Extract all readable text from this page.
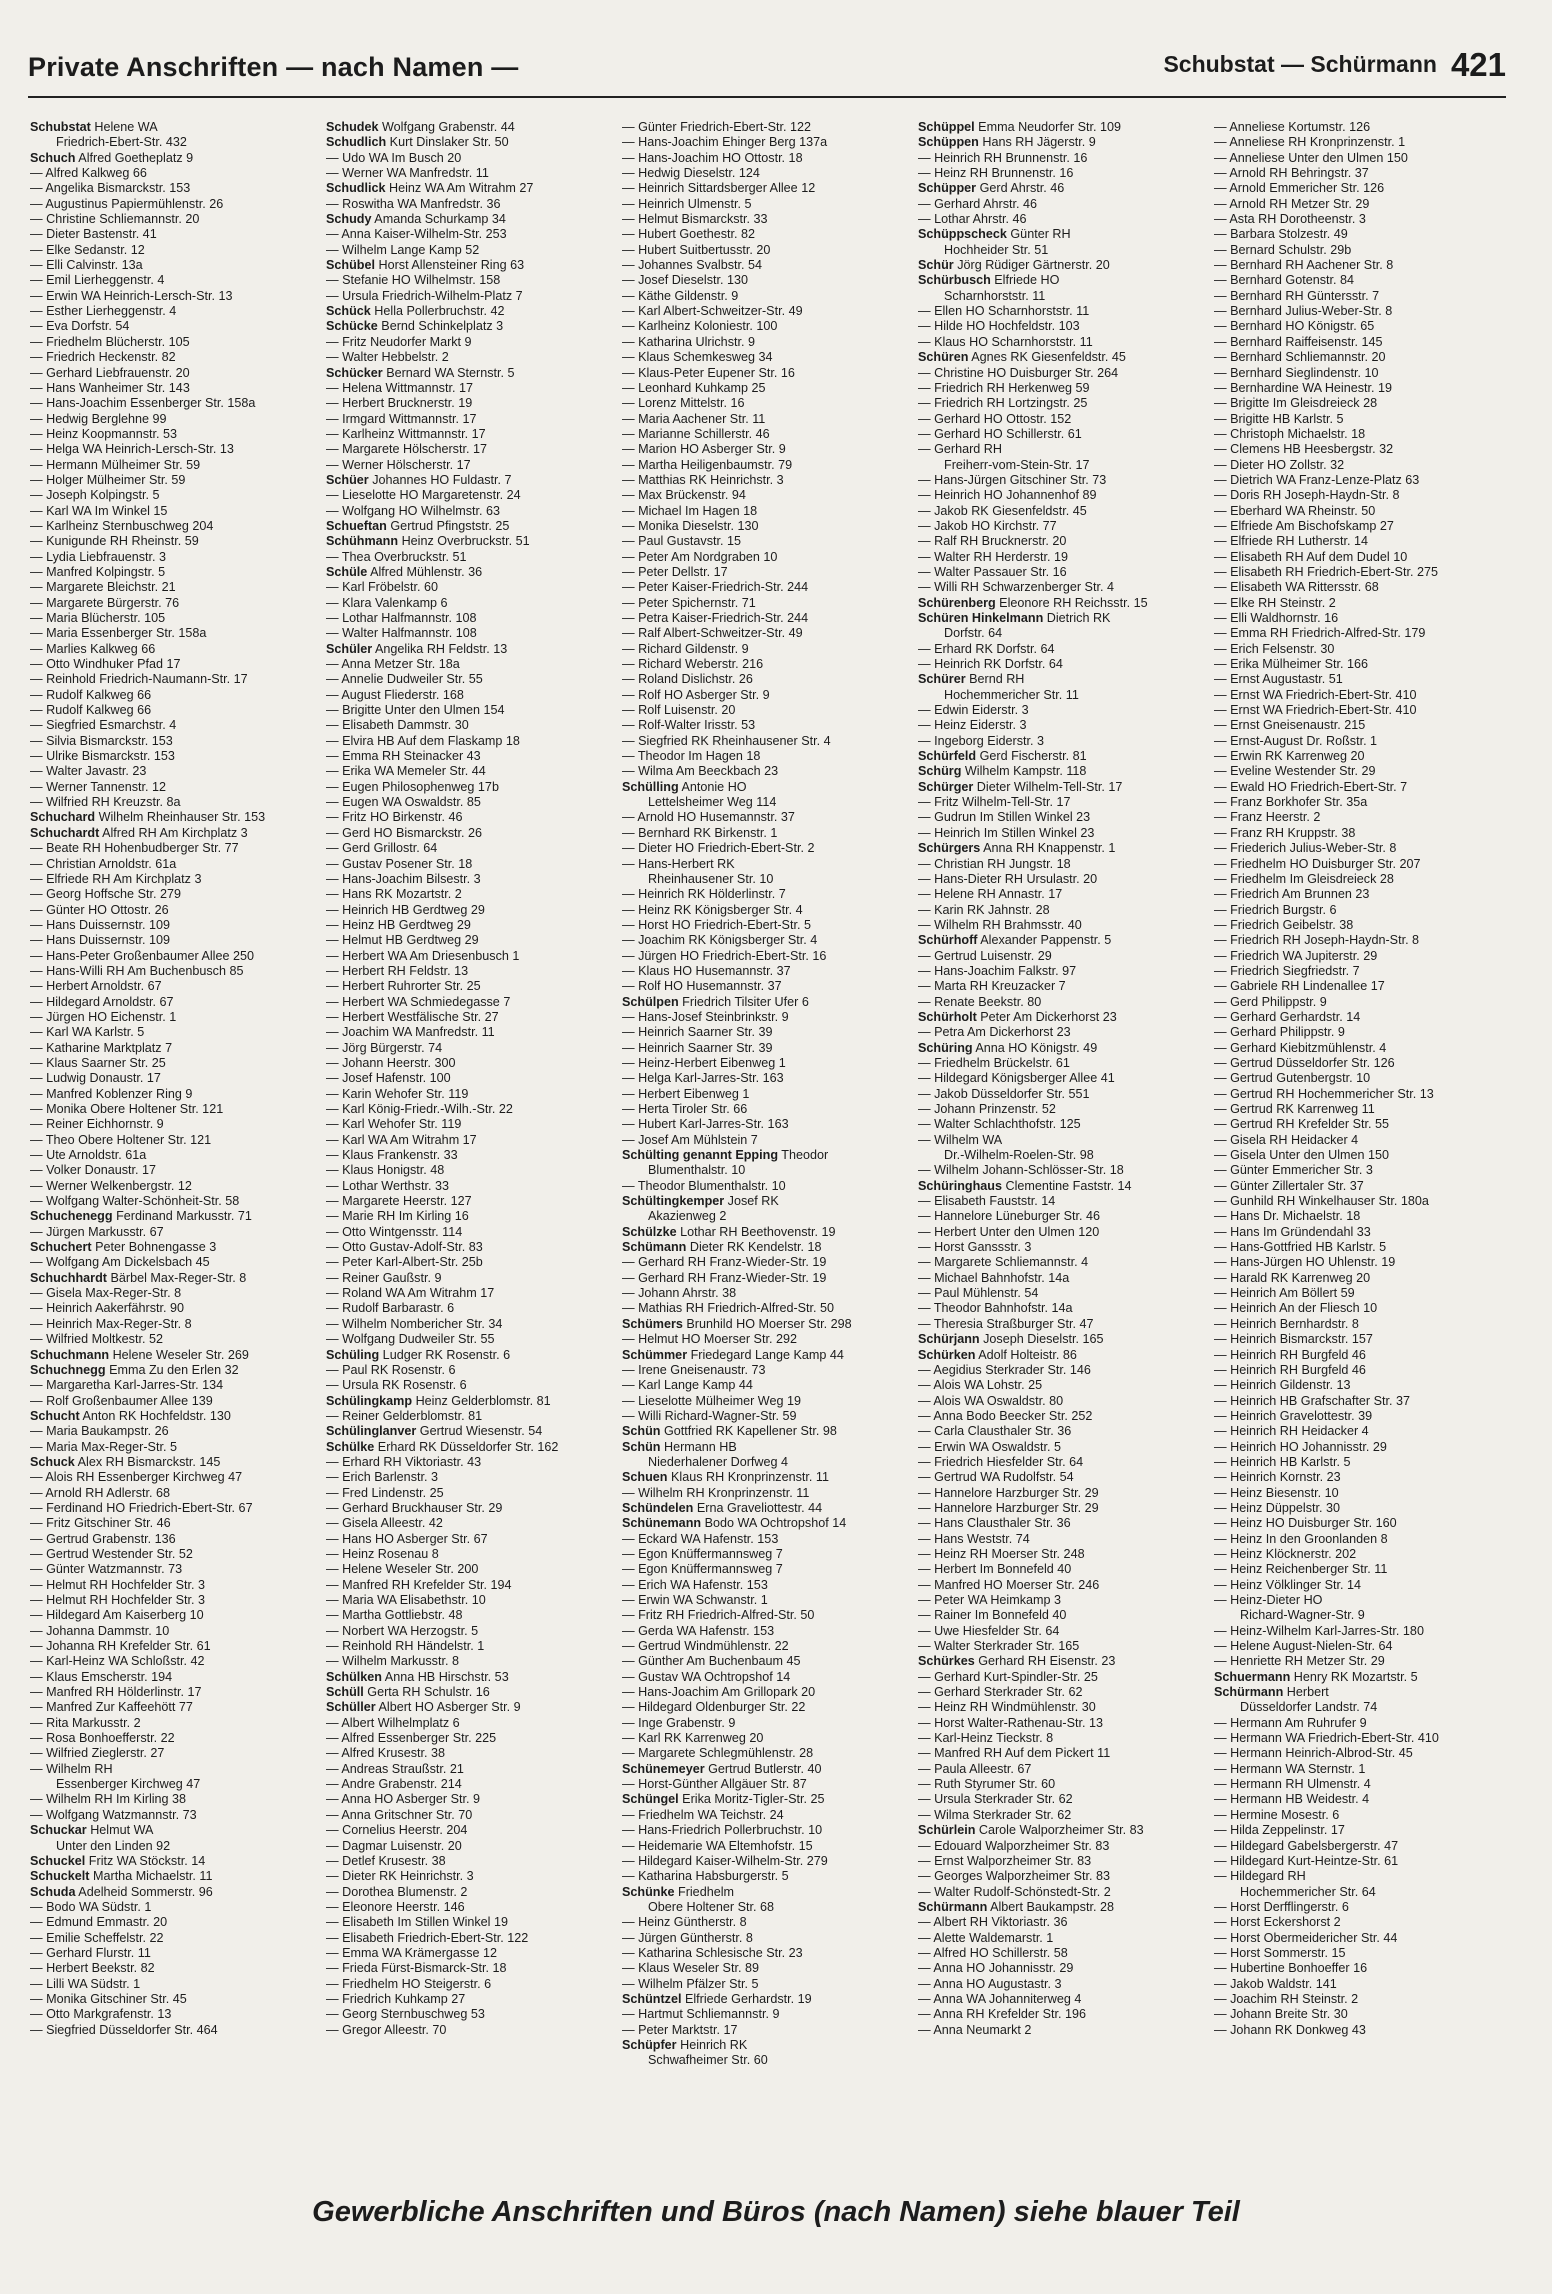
Private Anschriften — nach Namen —	Schubstat — Schürmann 421
Schubstat Helene WA
Friedrich-Ebert-Str. 432
Schuch Alfred Goetheplatz 9
— Alfred Kalkweg 66
— Angelika Bismarckstr. 153
— Augustinus Papiermühlenstr. 26
— Christine Schliemannstr. 20
— Dieter Bastenstr. 41
— Elke Sedanstr. 12
— Elli Calvinstr. 13a
— Emil Lierheggenstr. 4
— Erwin WA Heinrich-Lersch-Str. 13
— Esther Lierheggenstr. 4
— Eva Dorfstr. 54
— Friedhelm Blücherstr. 105
— Friedrich Heckenstr. 82
— Gerhard Liebfrauenstr. 20
— Hans Wanheimer Str. 143
— Hans-Joachim Essenberger Str. 158a
— Hedwig Berglehne 99
— Heinz Koopmannstr. 53
— Helga WA Heinrich-Lersch-Str. 13
— Hermann Mülheimer Str. 59
— Holger Mülheimer Str. 59
— Joseph Kolpingstr. 5
— Karl WA Im Winkel 15
— Karlheinz Sternbuschweg 204
— Kunigunde RH Rheinstr. 59
— Lydia Liebfrauenstr. 3
— Manfred Kolpingstr. 5
— Margarete Bleichstr. 21
— Margarete Bürgerstr. 76
— Maria Blücherstr. 105
— Maria Essenberger Str. 158a
— Marlies Kalkweg 66
— Otto Windhuker Pfad 17
— Reinhold Friedrich-Naumann-Str. 17
— Rudolf Kalkweg 66
— Rudolf Kalkweg 66
— Siegfried Esmarchstr. 4
— Silvia Bismarckstr. 153
— Ulrike Bismarckstr. 153
— Walter Javastr. 23
— Werner Tannenstr. 12
— Wilfried RH Kreuzstr. 8a
Schuchard Wilhelm Rheinhauser Str. 153
Schuchardt Alfred RH Am Kirchplatz 3
— Beate RH Hohenbudberger Str. 77
— Christian Arnoldstr. 61a
— Elfriede RH Am Kirchplatz 3
— Georg Hoffsche Str. 279
— Günter HO Ottostr. 26
— Hans Duissernstr. 109
— Hans Duissernstr. 109
— Hans-Peter Großenbaumer Allee 250
— Hans-Willi RH Am Buchenbusch 85
— Herbert Arnoldstr. 67
— Hildegard Arnoldstr. 67
— Jürgen HO Eichenstr. 1
— Karl WA Karlstr. 5
— Katharine Marktplatz 7
— Klaus Saarner Str. 25
— Ludwig Donaustr. 17
— Manfred Koblenzer Ring 9
— Monika Obere Holtener Str. 121
— Reiner Eichhornstr. 9
— Theo Obere Holtener Str. 121
— Ute Arnoldstr. 61a
— Volker Donaustr. 17
— Werner Welkenbergstr. 12
— Wolfgang Walter-Schönheit-Str. 58
Schuchenegg Ferdinand Markusstr. 71
— Jürgen Markusstr. 67
Schuchert Peter Bohnengasse 3
— Wolfgang Am Dickelsbach 45
Schuchhardt Bärbel Max-Reger-Str. 8
— Gisela Max-Reger-Str. 8
— Heinrich Aakerfährstr. 90
— Heinrich Max-Reger-Str. 8
— Wilfried Moltkestr. 52
Schuchmann Helene Weseler Str. 269
Schuchnegg Emma Zu den Erlen 32
— Margaretha Karl-Jarres-Str. 134
— Rolf Großenbaumer Allee 139
Schucht Anton RK Hochfeldstr. 130
— Maria Baukampstr. 26
— Maria Max-Reger-Str. 5
Schuck Alex RH Bismarckstr. 145
— Alois RH Essenberger Kirchweg 47
— Arnold RH Adlerstr. 68
— Ferdinand HO Friedrich-Ebert-Str. 67
— Fritz Gitschiner Str. 46
— Gertrud Grabenstr. 136
— Gertrud Westender Str. 52
— Günter Watzmannstr. 73
— Helmut RH Hochfelder Str. 3
— Helmut RH Hochfelder Str. 3
— Hildegard Am Kaiserberg 10
— Johanna Dammstr. 10
— Johanna RH Krefelder Str. 61
— Karl-Heinz WA Schloßstr. 42
— Klaus Emscherstr. 194
— Manfred RH Hölderlinstr. 17
— Manfred Zur Kaffeehött 77
— Rita Markusstr. 2
— Rosa Bonhoefferstr. 22
— Wilfried Zieglerstr. 27
— Wilhelm RH
Essenberger Kirchweg 47
— Wilhelm RH Im Kirling 38
— Wolfgang Watzmannstr. 73
Schuckar Helmut WA
Unter den Linden 92
Schuckel Fritz WA Stöckstr. 14
Schuckelt Martha Michaelstr. 11
Schuda Adelheid Sommerstr. 96
— Bodo WA Südstr. 1
— Edmund Emmastr. 20
— Emilie Scheffelstr. 22
— Gerhard Flurstr. 11
— Herbert Beekstr. 82
— Lilli WA Südstr. 1
— Monika Gitschiner Str. 45
— Otto Markgrafenstr. 13
— Siegfried Düsseldorfer Str. 464
Schudek Wolfgang Grabenstr. 44
Schudlich Kurt Dinslaker Str. 50
— Udo WA Im Busch 20
— Werner WA Manfredstr. 11
Schudlick Heinz WA Am Witrahm 27
— Roswitha WA Manfredstr. 36
Schudy Amanda Schurkamp 34
— Anna Kaiser-Wilhelm-Str. 253
— Wilhelm Lange Kamp 52
Schübel Horst Allensteiner Ring 63
— Stefanie HO Wilhelmstr. 158
— Ursula Friedrich-Wilhelm-Platz 7
Schück Hella Pollerbruchstr. 42
Schücke Bernd Schinkelplatz 3
— Fritz Neudorfer Markt 9
— Walter Hebbelstr. 2
Schücker Bernard WA Sternstr. 5
— Helena Wittmannstr. 17
— Herbert Brucknerstr. 19
— Irmgard Wittmannstr. 17
— Karlheinz Wittmannstr. 17
— Margarete Hölscherstr. 17
— Werner Hölscherstr. 17
Schüer Johannes HO Fuldastr. 7
— Lieselotte HO Margaretenstr. 24
— Wolfgang HO Wilhelmstr. 63
Schueftan Gertrud Pfingststr. 25
Schühmann Heinz Overbruckstr. 51
— Thea Overbruckstr. 51
Schüle Alfred Mühlenstr. 36
— Karl Fröbelstr. 60
— Klara Valenkamp 6
— Lothar Halfmannstr. 108
— Walter Halfmannstr. 108
Schüler Angelika RH Feldstr. 13
— Anna Metzer Str. 18a
— Annelie Dudweiler Str. 55
— August Fliederstr. 168
— Brigitte Unter den Ulmen 154
— Elisabeth Dammstr. 30
— Elvira HB Auf dem Flaskamp 18
— Emma RH Steinacker 43
— Erika WA Memeler Str. 44
— Eugen Philosophenweg 17b
— Eugen WA Oswaldstr. 85
— Fritz HO Birkenstr. 46
— Gerd HO Bismarckstr. 26
— Gerd Grillostr. 64
— Gustav Posener Str. 18
— Hans-Joachim Bilsestr. 3
— Hans RK Mozartstr. 2
— Heinrich HB Gerdtweg 29
— Heinz HB Gerdtweg 29
— Helmut HB Gerdtweg 29
— Herbert WA Am Driesenbusch 1
— Herbert RH Feldstr. 13
— Herbert Ruhrorter Str. 25
— Herbert WA Schmiedegasse 7
— Herbert Westfälische Str. 27
— Joachim WA Manfredstr. 11
— Jörg Bürgerstr. 74
— Johann Heerstr. 300
— Josef Hafenstr. 100
— Karin Wehofer Str. 119
— Karl König-Friedr.-Wilh.-Str. 22
— Karl Wehofer Str. 119
— Karl WA Am Witrahm 17
— Klaus Frankenstr. 33
— Klaus Honigstr. 48
— Lothar Werthstr. 33
— Margarete Heerstr. 127
— Marie RH Im Kirling 16
— Otto Wintgensstr. 114
— Otto Gustav-Adolf-Str. 83
— Peter Karl-Albert-Str. 25b
— Reiner Gaußstr. 9
— Roland WA Am Witrahm 17
— Rudolf Barbarastr. 6
— Wilhelm Nombericher Str. 34
— Wolfgang Dudweiler Str. 55
Schüling Ludger RK Rosenstr. 6
— Paul RK Rosenstr. 6
— Ursula RK Rosenstr. 6
Schülingkamp Heinz Gelderblomstr. 81
— Reiner Gelderblomstr. 81
Schülinglanver Gertrud Wiesenstr. 54
Schülke Erhard RK Düsseldorfer Str. 162
— Erhard RH Viktoriastr. 43
— Erich Barlenstr. 3
— Fred Lindenstr. 25
— Gerhard Bruckhauser Str. 29
— Gisela Alleestr. 42
— Hans HO Asberger Str. 67
— Heinz Rosenau 8
— Helene Weseler Str. 200
— Manfred RH Krefelder Str. 194
— Maria WA Elisabethstr. 10
— Martha Gottliebstr. 48
— Norbert WA Herzogstr. 5
— Reinhold RH Händelstr. 1
— Wilhelm Markusstr. 8
Schülken Anna HB Hirschstr. 53
Schüll Gerta RH Schulstr. 16
Schüller Albert HO Asberger Str. 9
— Albert Wilhelmplatz 6
— Alfred Essenberger Str. 225
— Alfred Krusestr. 38
— Andreas Straußstr. 21
— Andre Grabenstr. 214
— Anna HO Asberger Str. 9
— Anna Gritschner Str. 70
— Cornelius Heerstr. 204
— Dagmar Luisenstr. 20
— Detlef Krusestr. 38
— Dieter RK Heinrichstr. 3
— Dorothea Blumenstr. 2
— Eleonore Heerstr. 146
— Elisabeth Im Stillen Winkel 19
— Elisabeth Friedrich-Ebert-Str. 122
— Emma WA Krämergasse 12
— Frieda Fürst-Bismarck-Str. 18
— Friedhelm HO Steigerstr. 6
— Friedrich Kuhkamp 27
— Georg Sternbuschweg 53
— Gregor Alleestr. 70
— Günter Friedrich-Ebert-Str. 122
— Hans-Joachim Ehinger Berg 137a
— Hans-Joachim HO Ottostr. 18
— Hedwig Dieselstr. 124
— Heinrich Sittardsberger Allee 12
— Heinrich Ulmenstr. 5
— Helmut Bismarckstr. 33
— Hubert Goethestr. 82
— Hubert Suitbertusstr. 20
— Johannes Svalbstr. 54
— Josef Dieselstr. 130
— Käthe Gildenstr. 9
— Karl Albert-Schweitzer-Str. 49
— Karlheinz Koloniestr. 100
— Katharina Ulrichstr. 9
— Klaus Schemkesweg 34
— Klaus-Peter Eupener Str. 16
— Leonhard Kuhkamp 25
— Lorenz Mittelstr. 16
— Maria Aachener Str. 11
— Marianne Schillerstr. 46
— Marion HO Asberger Str. 9
— Martha Heiligenbaumstr. 79
— Matthias RK Heinrichstr. 3
— Max Brückenstr. 94
— Michael Im Hagen 18
— Monika Dieselstr. 130
— Paul Gustavstr. 15
— Peter Am Nordgraben 10
— Peter Dellstr. 17
— Peter Kaiser-Friedrich-Str. 244
— Peter Spichernstr. 71
— Petra Kaiser-Friedrich-Str. 244
— Ralf Albert-Schweitzer-Str. 49
— Richard Gildenstr. 9
— Richard Weberstr. 216
— Roland Dislichstr. 26
— Rolf HO Asberger Str. 9
— Rolf Luisenstr. 20
— Rolf-Walter Irisstr. 53
— Siegfried RK Rheinhausener Str. 4
— Theodor Im Hagen 18
— Wilma Am Beeckbach 23
Schülling Antonie HO
Lettelsheimer Weg 114
— Arnold HO Husemannstr. 37
— Bernhard RK Birkenstr. 1
— Dieter HO Friedrich-Ebert-Str. 2
— Hans-Herbert RK
Rheinhausener Str. 10
— Heinrich RK Hölderlinstr. 7
— Heinz RK Königsberger Str. 4
— Horst HO Friedrich-Ebert-Str. 5
— Joachim RK Königsberger Str. 4
— Jürgen HO Friedrich-Ebert-Str. 16
— Klaus HO Husemannstr. 37
— Rolf HO Husemannstr. 37
Schülpen Friedrich Tilsiter Ufer 6
— Hans-Josef Steinbrinkstr. 9
— Heinrich Saarner Str. 39
— Heinrich Saarner Str. 39
— Heinz-Herbert Eibenweg 1
— Helga Karl-Jarres-Str. 163
— Herbert Eibenweg 1
— Herta Tiroler Str. 66
— Hubert Karl-Jarres-Str. 163
— Josef Am Mühlstein 7
Schülting genannt Epping Theodor
Blumenthalstr. 10
— Theodor Blumenthalstr. 10
Schültingkemper Josef RK
Akazienweg 2
Schülzke Lothar RH Beethovenstr. 19
Schümann Dieter RK Kendelstr. 18
— Gerhard RH Franz-Wieder-Str. 19
— Gerhard RH Franz-Wieder-Str. 19
— Johann Ahrstr. 38
— Mathias RH Friedrich-Alfred-Str. 50
Schümers Brunhild HO Moerser Str. 298
— Helmut HO Moerser Str. 292
Schümmer Friedegard Lange Kamp 44
— Irene Gneisenaustr. 73
— Karl Lange Kamp 44
— Lieselotte Mülheimer Weg 19
— Willi Richard-Wagner-Str. 59
Schün Gottfried RK Kapellener Str. 98
Schün Hermann HB
Niederhalener Dorfweg 4
Schuen Klaus RH Kronprinzenstr. 11
— Wilhelm RH Kronprinzenstr. 11
Schündelen Erna Graveliottestr. 44
Schünemann Bodo WA Ochtropshof 14
— Eckard WA Hafenstr. 153
— Egon Knüffermannsweg 7
— Egon Knüffermannsweg 7
— Erich WA Hafenstr. 153
— Erwin WA Schwanstr. 1
— Fritz RH Friedrich-Alfred-Str. 50
— Gerda WA Hafenstr. 153
— Gertrud Windmühlenstr. 22
— Günther Am Buchenbaum 45
— Gustav WA Ochtropshof 14
— Hans-Joachim Am Grillopark 20
— Hildegard Oldenburger Str. 22
— Inge Grabenstr. 9
— Karl RK Karrenweg 20
— Margarete Schlegmühlenstr. 28
Schünemeyer Gertrud Butlerstr. 40
— Horst-Günther Allgäuer Str. 87
Schüngel Erika Moritz-Tigler-Str. 25
— Friedhelm WA Teichstr. 24
— Hans-Friedrich Pollerbruchstr. 10
— Heidemarie WA Eltemhofstr. 15
— Hildegard Kaiser-Wilhelm-Str. 279
— Katharina Habsburgerstr. 5
Schünke Friedhelm
Obere Holtener Str. 68
— Heinz Güntherstr. 8
— Jürgen Güntherstr. 8
— Katharina Schlesische Str. 23
— Klaus Weseler Str. 89
— Wilhelm Pfälzer Str. 5
Schüntzel Elfriede Gerhardstr. 19
— Hartmut Schliemannstr. 9
— Peter Marktstr. 17
Schüpfer Heinrich RK
Schwafheimer Str. 60
Schüppel Emma Neudorfer Str. 109
Schüppen Hans RH Jägerstr. 9
— Heinrich RH Brunnenstr. 16
— Heinz RH Brunnenstr. 16
Schüpper Gerd Ahrstr. 46
— Gerhard Ahrstr. 46
— Lothar Ahrstr. 46
Schüppscheck Günter RH
Hochheider Str. 51
Schür Jörg Rüdiger Gärtnerstr. 20
Schürbusch Elfriede HO
Scharnhorststr. 11
— Ellen HO Scharnhorststr. 11
— Hilde HO Hochfeldstr. 103
— Klaus HO Scharnhorststr. 11
Schüren Agnes RK Giesenfeldstr. 45
— Christine HO Duisburger Str. 264
— Friedrich RH Herkenweg 59
— Friedrich RH Lortzingstr. 25
— Gerhard HO Ottostr. 152
— Gerhard HO Schillerstr. 61
— Gerhard RH
Freiherr-vom-Stein-Str. 17
— Hans-Jürgen Gitschiner Str. 73
— Heinrich HO Johannenhof 89
— Jakob RK Giesenfeldstr. 45
— Jakob HO Kirchstr. 77
— Ralf RH Brucknerstr. 20
— Walter RH Herderstr. 19
— Walter Passauer Str. 16
— Willi RH Schwarzenberger Str. 4
Schürenberg Eleonore RH Reichsstr. 15
Schüren Hinkelmann Dietrich RK
Dorfstr. 64
— Erhard RK Dorfstr. 64
— Heinrich RK Dorfstr. 64
Schürer Bernd RH
Hochemmericher Str. 11
— Edwin Eiderstr. 3
— Heinz Eiderstr. 3
— Ingeborg Eiderstr. 3
Schürfeld Gerd Fischerstr. 81
Schürg Wilhelm Kampstr. 118
Schürger Dieter Wilhelm-Tell-Str. 17
— Fritz Wilhelm-Tell-Str. 17
— Gudrun Im Stillen Winkel 23
— Heinrich Im Stillen Winkel 23
Schürgers Anna RH Knappenstr. 1
— Christian RH Jungstr. 18
— Hans-Dieter RH Ursulastr. 20
— Helene RH Annastr. 17
— Karin RK Jahnstr. 28
— Wilhelm RH Brahmsstr. 40
Schürhoff Alexander Pappenstr. 5
— Gertrud Luisenstr. 29
— Hans-Joachim Falkstr. 97
— Marta RH Kreuzacker 7
— Renate Beekstr. 80
Schürholt Peter Am Dickerhorst 23
— Petra Am Dickerhorst 23
Schüring Anna HO Königstr. 49
— Friedhelm Brückelstr. 61
— Hildegard Königsberger Allee 41
— Jakob Düsseldorfer Str. 551
— Johann Prinzenstr. 52
— Walter Schlachthofstr. 125
— Wilhelm WA
Dr.-Wilhelm-Roelen-Str. 98
— Wilhelm Johann-Schlösser-Str. 18
Schüringhaus Clementine Faststr. 14
— Elisabeth Fauststr. 14
— Hannelore Lüneburger Str. 46
— Herbert Unter den Ulmen 120
— Horst Ganssstr. 3
— Margarete Schliemannstr. 4
— Michael Bahnhofstr. 14a
— Paul Mühlenstr. 54
— Theodor Bahnhofstr. 14a
— Theresia Straßburger Str. 47
Schürjann Joseph Dieselstr. 165
Schürken Adolf Holteistr. 86
— Aegidius Sterkrader Str. 146
— Alois WA Lohstr. 25
— Alois WA Oswaldstr. 80
— Anna Bodo Beecker Str. 252
— Carla Clausthaler Str. 36
— Erwin WA Oswaldstr. 5
— Friedrich Hiesfelder Str. 64
— Gertrud WA Rudolfstr. 54
— Hannelore Harzburger Str. 29
— Hannelore Harzburger Str. 29
— Hans Clausthaler Str. 36
— Hans Weststr. 74
— Heinz RH Moerser Str. 248
— Herbert Im Bonnefeld 40
— Manfred HO Moerser Str. 246
— Peter WA Heimkamp 3
— Rainer Im Bonnefeld 40
— Uwe Hiesfelder Str. 64
— Walter Sterkrader Str. 165
Schürkes Gerhard RH Eisenstr. 23
— Gerhard Kurt-Spindler-Str. 25
— Gerhard Sterkrader Str. 62
— Heinz RH Windmühlenstr. 30
— Horst Walter-Rathenau-Str. 13
— Karl-Heinz Tieckstr. 8
— Manfred RH Auf dem Pickert 11
— Paula Alleestr. 67
— Ruth Styrumer Str. 60
— Ursula Sterkrader Str. 62
— Wilma Sterkrader Str. 62
Schürlein Carole Walporzheimer Str. 83
— Edouard Walporzheimer Str. 83
— Ernst Walporzheimer Str. 83
— Georges Walporzheimer Str. 83
— Walter Rudolf-Schönstedt-Str. 2
Schürmann Albert Baukampstr. 28
— Albert RH Viktoriastr. 36
— Alette Waldemarstr. 1
— Alfred HO Schillerstr. 58
— Anna HO Johannisstr. 29
— Anna HO Augustastr. 3
— Anna WA Johanniterweg 4
— Anna RH Krefelder Str. 196
— Anna Neumarkt 2
— Anneliese Kortumstr. 126
— Anneliese RH Kronprinzenstr. 1
— Anneliese Unter den Ulmen 150
— Arnold RH Behringstr. 37
— Arnold Emmericher Str. 126
— Arnold RH Metzer Str. 29
— Asta RH Dorotheenstr. 3
— Barbara Stolzestr. 49
— Bernard Schulstr. 29b
— Bernhard RH Aachener Str. 8
— Bernhard Gotenstr. 84
— Bernhard RH Güntersstr. 7
— Bernhard Julius-Weber-Str. 8
— Bernhard HO Königstr. 65
— Bernhard Raiffeisenstr. 145
— Bernhard Schliemannstr. 20
— Bernhard Sieglindenstr. 10
— Bernhardine WA Heinestr. 19
— Brigitte Im Gleisdreieck 28
— Brigitte HB Karlstr. 5
— Christoph Michaelstr. 18
— Clemens HB Heesbergstr. 32
— Dieter HO Zollstr. 32
— Dietrich WA Franz-Lenze-Platz 63
— Doris RH Joseph-Haydn-Str. 8
— Eberhard WA Rheinstr. 50
— Elfriede Am Bischofskamp 27
— Elfriede RH Lutherstr. 14
— Elisabeth RH Auf dem Dudel 10
— Elisabeth RH Friedrich-Ebert-Str. 275
— Elisabeth WA Rittersstr. 68
— Elke RH Steinstr. 2
— Elli Waldhornstr. 16
— Emma RH Friedrich-Alfred-Str. 179
— Erich Felsenstr. 30
— Erika Mülheimer Str. 166
— Ernst Augustastr. 51
— Ernst WA Friedrich-Ebert-Str. 410
— Ernst WA Friedrich-Ebert-Str. 410
— Ernst Gneisenaustr. 215
— Ernst-August Dr. Roßstr. 1
— Erwin RK Karrenweg 20
— Eveline Westender Str. 29
— Ewald HO Friedrich-Ebert-Str. 7
— Franz Borkhofer Str. 35a
— Franz Heerstr. 2
— Franz RH Kruppstr. 38
— Friederich Julius-Weber-Str. 8
— Friedhelm HO Duisburger Str. 207
— Friedhelm Im Gleisdreieck 28
— Friedrich Am Brunnen 23
— Friedrich Burgstr. 6
— Friedrich Geibelstr. 38
— Friedrich RH Joseph-Haydn-Str. 8
— Friedrich WA Jupiterstr. 29
— Friedrich Siegfriedstr. 7
— Gabriele RH Lindenallee 17
— Gerd Philippstr. 9
— Gerhard Gerhardstr. 14
— Gerhard Philippstr. 9
— Gerhard Kiebitzmühlenstr. 4
— Gertrud Düsseldorfer Str. 126
— Gertrud Gutenbergstr. 10
— Gertrud RH Hochemmericher Str. 13
— Gertrud RK Karrenweg 11
— Gertrud RH Krefelder Str. 55
— Gisela RH Heidacker 4
— Gisela Unter den Ulmen 150
— Günter Emmericher Str. 3
— Günter Zillertaler Str. 37
— Gunhild RH Winkelhauser Str. 180a
— Hans Dr. Michaelstr. 18
— Hans Im Gründendahl 33
— Hans-Gottfried HB Karlstr. 5
— Hans-Jürgen HO Uhlenstr. 19
— Harald RK Karrenweg 20
— Heinrich Am Böllert 59
— Heinrich An der Fliesch 10
— Heinrich Bernhardstr. 8
— Heinrich Bismarckstr. 157
— Heinrich RH Burgfeld 46
— Heinrich RH Burgfeld 46
— Heinrich Gildenstr. 13
— Heinrich HB Grafschafter Str. 37
— Heinrich Gravelottestr. 39
— Heinrich RH Heidacker 4
— Heinrich HO Johannisstr. 29
— Heinrich HB Karlstr. 5
— Heinrich Kornstr. 23
— Heinz Biesenstr. 10
— Heinz Düppelstr. 30
— Heinz HO Duisburger Str. 160
— Heinz In den Groonlanden 8
— Heinz Klöcknerstr. 202
— Heinz Reichenberger Str. 11
— Heinz Völklinger Str. 14
— Heinz-Dieter HO
Richard-Wagner-Str. 9
— Heinz-Wilhelm Karl-Jarres-Str. 180
— Helene August-Nielen-Str. 64
— Henriette RH Metzer Str. 29
Schuermann Henry RK Mozartstr. 5
Schürmann Herbert
Düsseldorfer Landstr. 74
— Hermann Am Ruhrufer 9
— Hermann WA Friedrich-Ebert-Str. 410
— Hermann Heinrich-Albrod-Str. 45
— Hermann WA Sternstr. 1
— Hermann RH Ulmenstr. 4
— Hermann HB Weidestr. 4
— Hermine Mosestr. 6
— Hilda Zeppelinstr. 17
— Hildegard Gabelsbergerstr. 47
— Hildegard Kurt-Heintze-Str. 61
— Hildegard RH
Hochemmericher Str. 64
— Horst Derfflingerstr. 6
— Horst Eckershorst 2
— Horst Obermeidericher Str. 44
— Horst Sommerstr. 15
— Hubertine Bonhoeffer 16
— Jakob Waldstr. 141
— Joachim RH Steinstr. 2
— Johann Breite Str. 30
— Johann RK Donkweg 43
Gewerbliche Anschriften und Büros (nach Namen) siehe blauer Teil
